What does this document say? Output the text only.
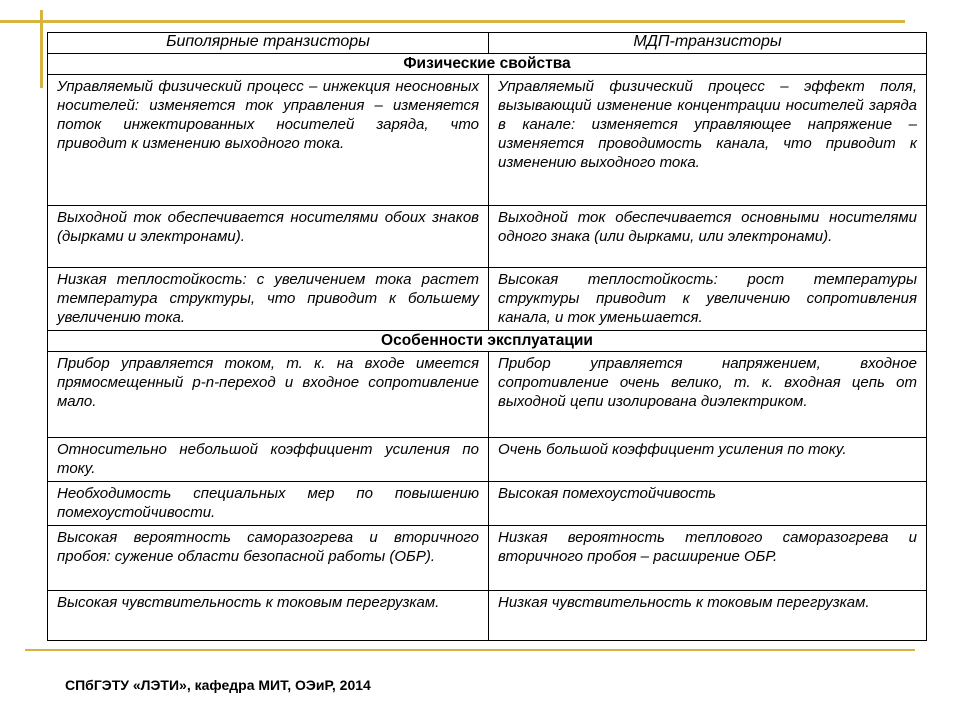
Биполярные транзисторы	МДП-транзисторы
Физические свойства	
Управляемый физический процесс – инжекция неосновных носителей: изменяется ток управления – изменяется поток инжектированных носителей заряда, что приводит к изменению выходного тока.	Управляемый физический процесс – эффект поля, вызывающий изменение концентрации носителей заряда в канале: изменяется управляющее напряжение – изменяется проводимость канала, что приводит к изменению выходного тока.
Выходной ток обеспечивается носителями обоих знаков (дырками и электронами).	Выходной ток обеспечивается основными носителями одного знака (или дырками, или электронами).
Низкая теплостойкость: с увеличением тока растет температура структуры, что приводит к большему увеличению тока.	Высокая теплостойкость: рост температуры структуры приводит к увеличению сопротивления канала, и ток уменьшается.
Особенности эксплуатации	
Прибор управляется током, т. к. на входе имеется прямосмещенный p-n-переход и входное сопротивление мало.	Прибор управляется напряжением, входное сопротивление очень велико, т. к. входная цепь от выходной цепи изолирована диэлектриком.
Относительно небольшой коэффициент усиления по току.	Очень большой коэффициент усиления по току.
Необходимость специальных мер по повышению помехоустойчивости.	Высокая помехоустойчивость
Высокая вероятность саморазогрева и вторичного пробоя: сужение области безопасной работы (ОБР).	Низкая вероятность теплового саморазогрева и вторичного пробоя – расширение ОБР.
Высокая чувствительность к токовым перегрузкам.	Низкая чувствительность к токовым перегрузкам.
СПбГЭТУ «ЛЭТИ», кафедра МИТ, ОЭиР, 2014
